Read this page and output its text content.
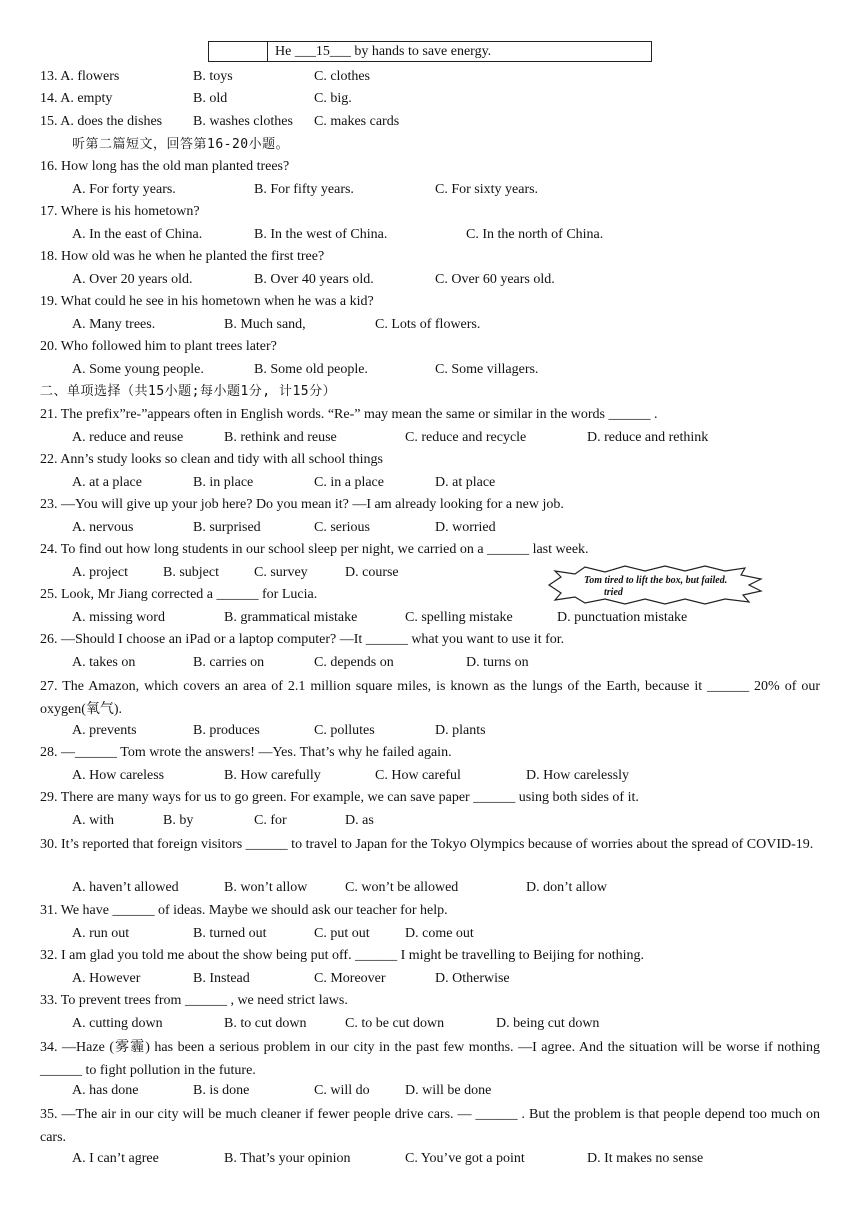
He ___15___ by hands to save energy.
13. A. flowers	B. toys	C. clothes
14. A. empty	B. old	C. big.
15. A. does the dishes B. washes clothes C. makes cards
听第二篇短文，回答第16-20小题。
16. How long has the old man planted trees?
A. For forty years.	B. For fifty years.	C. For sixty years.
17. Where is his hometown?
A. In the east of China.	B. In the west of China.	C. In the north of China.
18. How old was he when he planted the first tree?
A. Over 20 years old.	B. Over 40 years old.	C. Over 60 years old.
19. What could he see in his hometown when he was a kid?
A. Many trees.	B. Much sand,	C. Lots of flowers.
20. Who followed him to plant trees later?
A. Some young people.	B. Some old people.	C. Some villagers.
二、单项选择（共15小题;每小题1分, 计15分）
21. The prefix”re-”appears often in English words. “Re-” may mean the same or similar in the words ______ .
A. reduce and reuse	B. rethink and reuse	C. reduce and recycle	D. reduce and rethink
22. Ann’s study looks so clean and tidy with all school things
A. at a place	B. in place	C. in a place	D. at place
23. —You will give up your job here? Do you mean it? —I am already looking for a new job.
A. nervous	B. surprised	C. serious	D. worried
24. To find out how long students in our school sleep per night, we carried on a ______ last week.
A. project	B. subject	C. survey	D. course
Tom tired to lift the box, but failed.
tried
25. Look, Mr Jiang corrected a ______ for Lucia.
A. missing word	B. grammatical mistake	C. spelling mistake	D. punctuation mistake
26. —Should I choose an iPad or a laptop computer? —It ______ what you want to use it for.
A. takes on	B. carries on	C. depends on	D. turns on
27. The Amazon, which covers an area of 2.1 million square miles, is known as the lungs of the Earth, because it ______ 20% of our oxygen(氧气).
A. prevents	B. produces	C. pollutes	D. plants
28. —______ Tom wrote the answers! —Yes. That’s why he failed again.
A. How careless	B. How carefully	C. How careful	D. How carelessly
29. There are many ways for us to go green. For example, we can save paper ______ using both sides of it.
A. with	B. by	C. for	D. as
30. It’s reported that foreign visitors ______ to travel to Japan for the Tokyo Olympics because of worries about the spread of COVID-19.
A. haven’t allowed	B. won’t allow	C. won’t be allowed	D. don’t allow
31. We have ______ of ideas. Maybe we should ask our teacher for help.
A. run out	B. turned out	C. put out	D. come out
32. I am glad you told me about the show being put off. ______ I might be travelling to Beijing for nothing.
A. However	B. Instead	C. Moreover	D. Otherwise
33. To prevent trees from ______ , we need strict laws.
A. cutting down	B. to cut down	C. to be cut down	D. being cut down
34. —Haze (雾霾) has been a serious problem in our city in the past few months. —I agree. And the situation will be worse if nothing ______ to fight pollution in the future.
A. has done	B. is done	C. will do	D. will be done
35. —The air in our city will be much cleaner if fewer people drive cars. — ______ . But the problem is that people depend too much on cars.
A. I can’t agree	B. That’s your opinion	C. You’ve got a point	D. It makes no sense
